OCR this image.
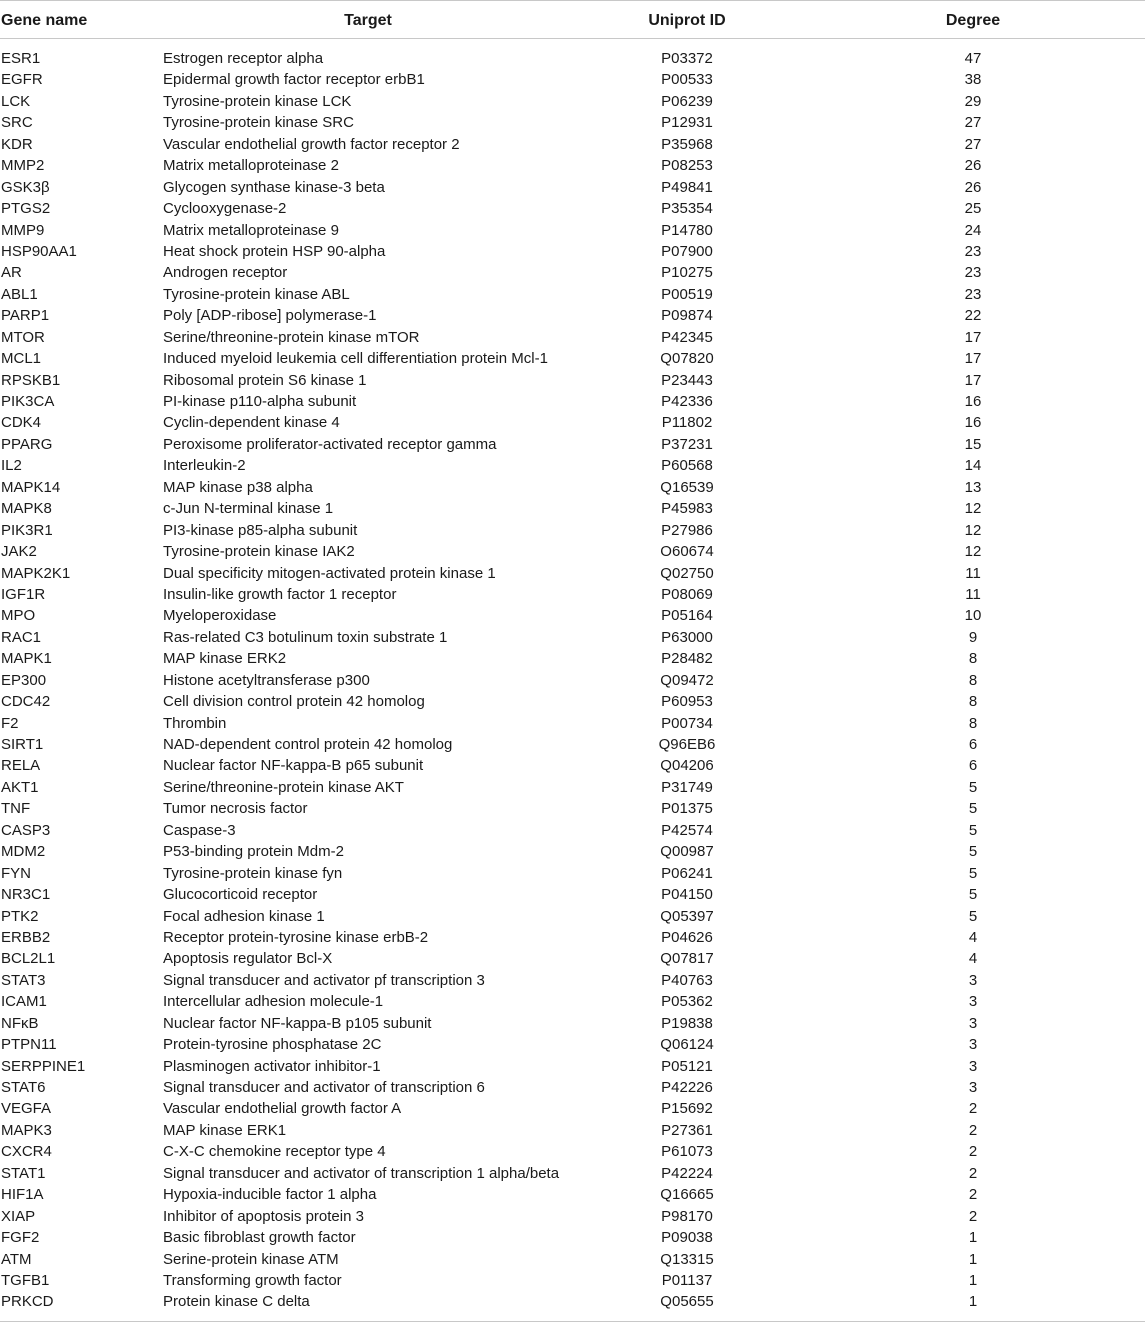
Gene name	Target	Uniprot ID	Degree
ESR1	Estrogen receptor alpha	P03372	47
EGFR	Epidermal growth factor receptor erbB1	P00533	38
LCK	Tyrosine-protein kinase LCK	P06239	29
SRC	Tyrosine-protein kinase SRC	P12931	27
KDR	Vascular endothelial growth factor receptor 2	P35968	27
MMP2	Matrix metalloproteinase 2	P08253	26
GSK3β	Glycogen synthase kinase-3 beta	P49841	26
PTGS2	Cyclooxygenase-2	P35354	25
MMP9	Matrix metalloproteinase 9	P14780	24
HSP90AA1	Heat shock protein HSP 90-alpha	P07900	23
AR	Androgen receptor	P10275	23
ABL1	Tyrosine-protein kinase ABL	P00519	23
PARP1	Poly [ADP-ribose] polymerase-1	P09874	22
MTOR	Serine/threonine-protein kinase mTOR	P42345	17
MCL1	Induced myeloid leukemia cell differentiation protein Mcl-1	Q07820	17
RPSKB1	Ribosomal protein S6 kinase 1	P23443	17
PIK3CA	PI-kinase p110-alpha subunit	P42336	16
CDK4	Cyclin-dependent kinase 4	P11802	16
PPARG	Peroxisome proliferator-activated receptor gamma	P37231	15
IL2	Interleukin-2	P60568	14
MAPK14	MAP kinase p38 alpha	Q16539	13
MAPK8	c-Jun N-terminal kinase 1	P45983	12
PIK3R1	PI3-kinase p85-alpha subunit	P27986	12
JAK2	Tyrosine-protein kinase IAK2	O60674	12
MAPK2K1	Dual specificity mitogen-activated protein kinase 1	Q02750	11
IGF1R	Insulin-like growth factor 1 receptor	P08069	11
MPO	Myeloperoxidase	P05164	10
RAC1	Ras-related C3 botulinum toxin substrate 1	P63000	9
MAPK1	MAP kinase ERK2	P28482	8
EP300	Histone acetyltransferase p300	Q09472	8
CDC42	Cell division control protein 42 homolog	P60953	8
F2	Thrombin	P00734	8
SIRT1	NAD-dependent control protein 42 homolog	Q96EB6	6
RELA	Nuclear factor NF-kappa-B p65 subunit	Q04206	6
AKT1	Serine/threonine-protein kinase AKT	P31749	5
TNF	Tumor necrosis factor	P01375	5
CASP3	Caspase-3	P42574	5
MDM2	P53-binding protein Mdm-2	Q00987	5
FYN	Tyrosine-protein kinase fyn	P06241	5
NR3C1	Glucocorticoid receptor	P04150	5
PTK2	Focal adhesion kinase 1	Q05397	5
ERBB2	Receptor protein-tyrosine kinase erbB-2	P04626	4
BCL2L1	Apoptosis regulator Bcl-X	Q07817	4
STAT3	Signal transducer and activator pf transcription 3	P40763	3
ICAM1	Intercellular adhesion molecule-1	P05362	3
NFκB	Nuclear factor NF-kappa-B p105 subunit	P19838	3
PTPN11	Protein-tyrosine phosphatase 2C	Q06124	3
SERPPINE1	Plasminogen activator inhibitor-1	P05121	3
STAT6	Signal transducer and activator of transcription 6	P42226	3
VEGFA	Vascular endothelial growth factor A	P15692	2
MAPK3	MAP kinase ERK1	P27361	2
CXCR4	C-X-C chemokine receptor type 4	P61073	2
STAT1	Signal transducer and activator of transcription 1 alpha/beta	P42224	2
HIF1A	Hypoxia-inducible factor 1 alpha	Q16665	2
XIAP	Inhibitor of apoptosis protein 3	P98170	2
FGF2	Basic fibroblast growth factor	P09038	1
ATM	Serine-protein kinase ATM	Q13315	1
TGFB1	Transforming growth factor	P01137	1
PRKCD	Protein kinase C delta	Q05655	1
